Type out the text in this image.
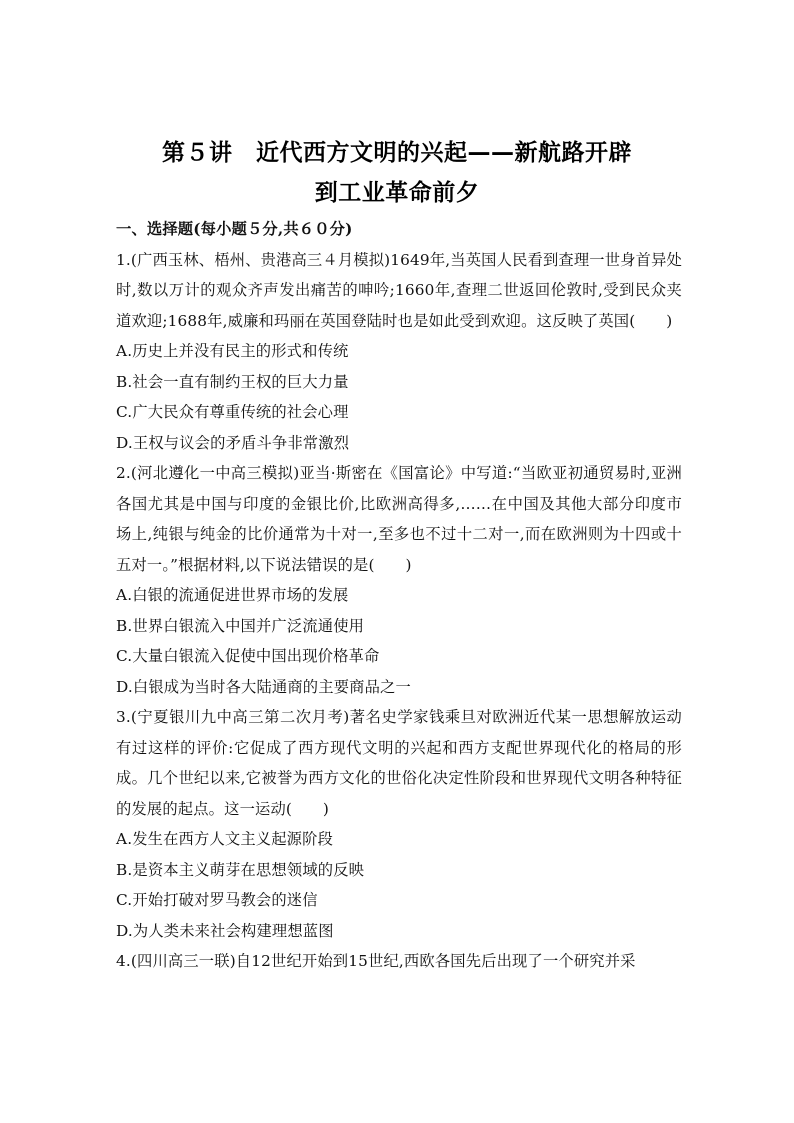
第５讲　近代西方文明的兴起——新航路开辟
到工业革命前夕
一、选择题(每小题５分,共６０分)
1.(广西玉林、梧州、贵港高三４月模拟)1649年,当英国人民看到查理一世身首异处时,数以万计的观众齐声发出痛苦的呻吟;1660年,查理二世返回伦敦时,受到民众夹道欢迎;1688年,威廉和玛丽在英国登陆时也是如此受到欢迎。这反映了英国(　　)
A.历史上并没有民主的形式和传统
B.社会一直有制约王权的巨大力量
C.广大民众有尊重传统的社会心理
D.王权与议会的矛盾斗争非常激烈
2.(河北遵化一中高三模拟)亚当·斯密在《国富论》中写道:“当欧亚初通贸易时,亚洲各国尤其是中国与印度的金银比价,比欧洲高得多,……在中国及其他大部分印度市场上,纯银与纯金的比价通常为十对一,至多也不过十二对一,而在欧洲则为十四或十五对一。”根据材料,以下说法错误的是(　　)
A.白银的流通促进世界市场的发展
B.世界白银流入中国并广泛流通使用
C.大量白银流入促使中国出现价格革命
D.白银成为当时各大陆通商的主要商品之一
3.(宁夏银川九中高三第二次月考)著名史学家钱乘旦对欧洲近代某一思想解放运动有过这样的评价:它促成了西方现代文明的兴起和西方支配世界现代化的格局的形成。几个世纪以来,它被誉为西方文化的世俗化决定性阶段和世界现代文明各种特征的发展的起点。这一运动(　　)
A.发生在西方人文主义起源阶段
B.是资本主义萌芽在思想领域的反映
C.开始打破对罗马教会的迷信
D.为人类未来社会构建理想蓝图
4.(四川高三一联)自12世纪开始到15世纪,西欧各国先后出现了一个研究并采
